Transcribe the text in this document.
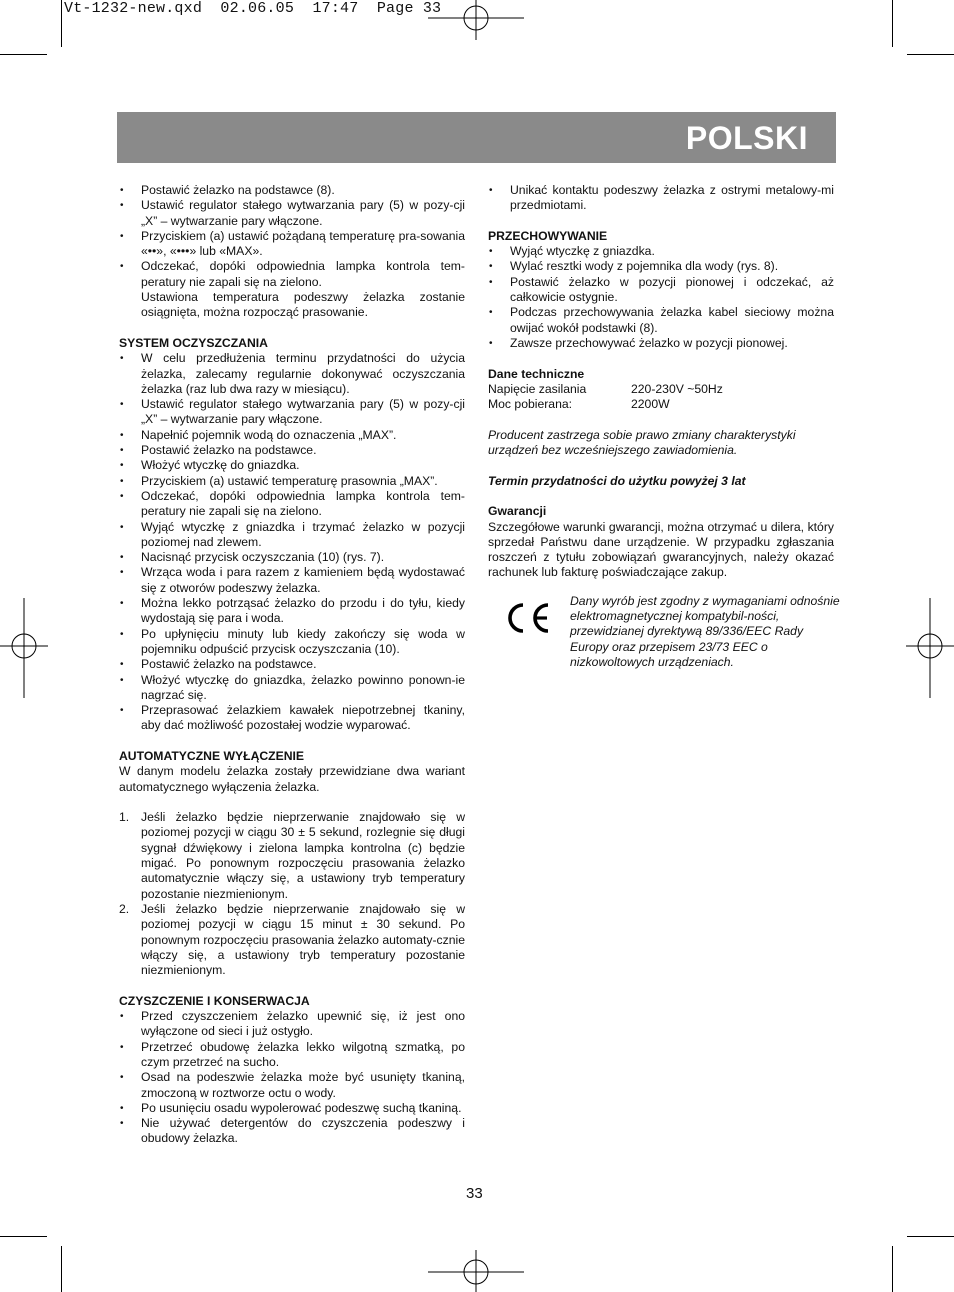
Vt-1232-new.qxd  02.06.05  17:47  Page 33
POLSKI
• Postawić żelazko na podstawce (8).
• Ustawić regulator stałego wytwarzania pary (5) w pozy-cji „X” – wytwarzanie pary włączone.
• Przyciskiem (a) ustawić pożądaną temperaturę pra-sowania «••», «•••» lub «MAX».
• Odczekać, dopóki odpowiednia lampka kontrola tem-peratury nie zapali się na zielono.
Ustawiona temperatura podeszwy żelazka zostanie osiągnięta, można rozpocząć prasowanie.
SYSTEM OCZYSZCZANIA
• W celu przedłużenia terminu przydatności do użycia żelazka, zalecamy regularnie dokonywać oczyszczania żelazka (raz lub dwa razy w miesiącu).
• Ustawić regulator stałego wytwarzania pary (5) w pozy-cji „X” – wytwarzanie pary włączone.
• Napełnić pojemnik wodą do oznaczenia „MAX”.
• Postawić żelazko na podstawce.
• Włożyć wtyczkę do gniazdka.
• Przyciskiem (a) ustawić temperaturę prasownia „MAX”.
• Odczekać, dopóki odpowiednia lampka kontrola tem-peratury nie zapali się na zielono.
• Wyjąć wtyczkę z gniazdka i trzymać żelazko w pozycji poziomej nad zlewem.
• Nacisnąć przycisk oczyszczania (10) (rys. 7).
• Wrząca woda i para razem z kamieniem będą wydostawać się z otworów podeszwy żelazka.
• Można lekko potrząsać żelazko do przodu i do tyłu, kiedy wydostają się para i woda.
• Po upłynięciu minuty lub kiedy zakończy się woda w pojemniku odpuścić przycisk oczyszczania (10).
• Postawić żelazko na podstawce.
• Włożyć wtyczkę do gniazdka, żelazko powinno ponown-ie nagrzać się.
• Przeprasować żelazkiem kawałek niepotrzebnej tkaniny, aby dać możliwość pozostałej wodzie wyparować.
AUTOMATYCZNE WYŁĄCZENIE
W danym modelu żelazka zostały przewidziane dwa wariant automatycznego wyłączenia żelazka.
1. Jeśli żelazko będzie nieprzerwanie znajdowało się w poziomej pozycji w ciągu 30 ± 5 sekund, rozlegnie się długi sygnał dźwiękowy i zielona lampka kontrolna (c) będzie migać. Po ponownym rozpoczęciu prasowania żelazko automatycznie włączy się, a ustawiony tryb temperatury pozostanie niezmienionym.
2. Jeśli żelazko będzie nieprzerwanie znajdowało się w poziomej pozycji w ciągu 15 minut ± 30 sekund. Po ponownym rozpoczęciu prasowania żelazko automaty-cznie włączy się, a ustawiony tryb temperatury pozostanie niezmienionym.
CZYSZCZENIE I KONSERWACJA
• Przed czyszczeniem żelazko upewnić się, iż jest ono wyłączone od sieci i już ostygło.
• Przetrzeć obudowę żelazka lekko wilgotną szmatką, po czym przetrzeć na sucho.
• Osad na podeszwie żelazka może być usunięty tkaniną, zmoczoną w roztworze octu o wody.
• Po usunięciu osadu wypolerować podeszwę suchą tkaniną.
• Nie używać detergentów do czyszczenia podeszwy i obudowy żelazka.
• Unikać kontaktu podeszwy żelazka z ostrymi metalowy-mi przedmiotami.
PRZECHOWYWANIE
• Wyjąć wtyczkę z gniazdka.
• Wylać resztki wody z pojemnika dla wody (rys. 8).
• Postawić żelazko w pozycji pionowej i odczekać, aż całkowicie ostygnie.
• Podczas przechowywania żelazka kabel sieciowy można owijać wokół podstawki (8).
• Zawsze przechowywać żelazko w pozycji pionowej.
Dane techniczne
Napięcie zasilania	220-230V ~50Hz
Moc pobierana:	2200W
Producent zastrzega sobie prawo zmiany charakterystyki urządzeń bez wcześniejszego zawiadomienia.
Termin przydatności do użytku powyżej 3 lat
Gwarancji
Szczegółowe warunki gwarancji, można otrzymać u dilera, który sprzedał Państwu dane urządzenie. W przypadku zgłaszania roszczeń z tytułu zobowiązań gwarancyjnych, należy okazać rachunek lub fakturę poświadczające zakup.
Dany wyrób jest zgodny z wymaganiami odnośnie elektromagnetycznej kompatybil-ności, przewidzianej dyrektywą 89/336/EEC Rady Europy oraz przepisem 23/73 EEC o nizkowoltowych urządzeniach.
33
